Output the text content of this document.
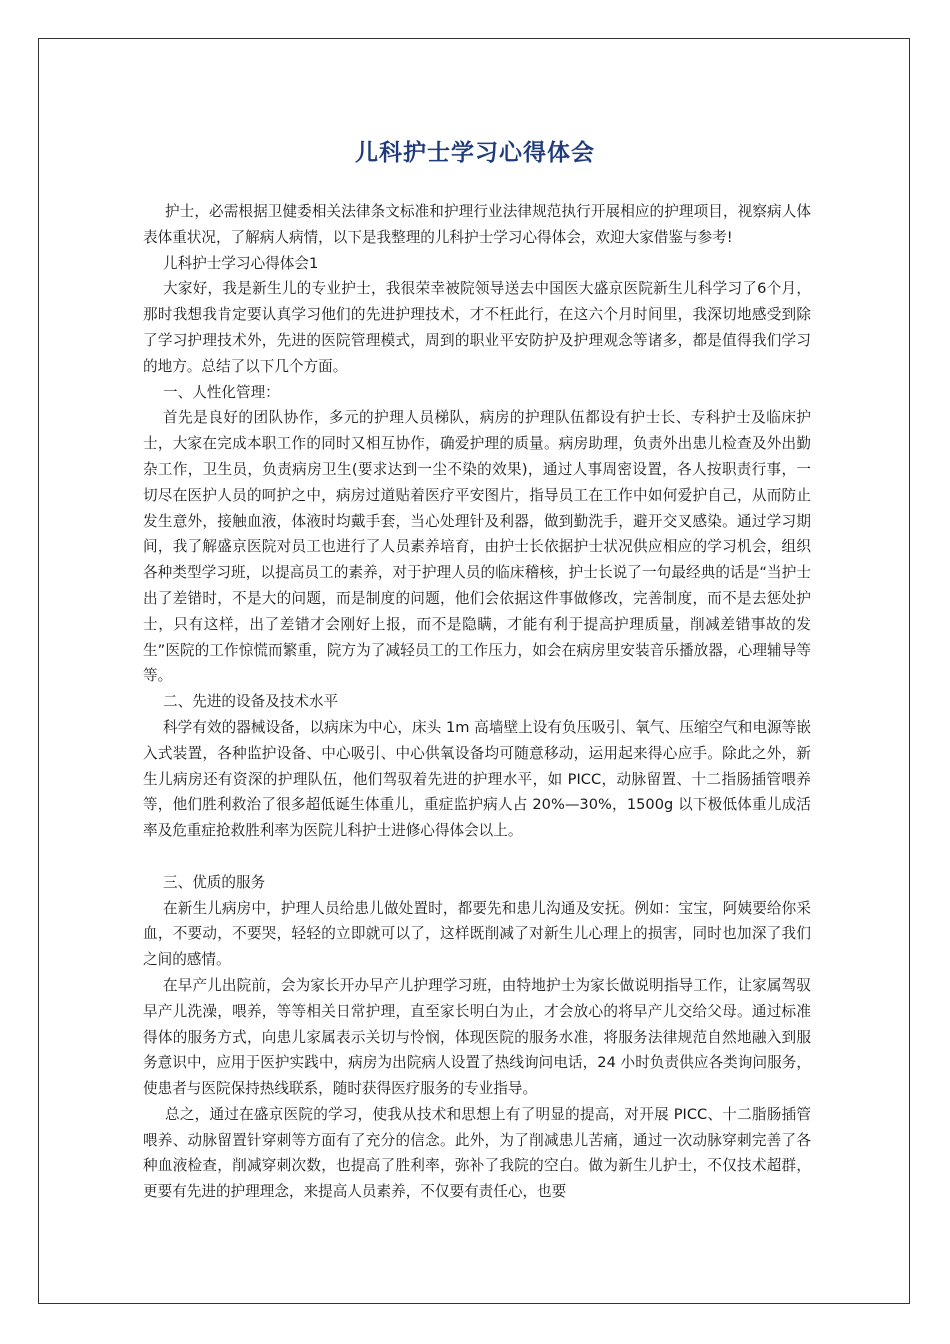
儿科护士学习心得体会

护士，必需根据卫健委相关法律条文标准和护理行业法律规范执行开展相应的护理项目，视察病人体表体重状况，了解病人病情，以下是我整理的儿科护士学习心得体会，欢迎大家借鉴与参考!

儿科护士学习心得体会1

大家好，我是新生儿的专业护士，我很荣幸被院领导送去中国医大盛京医院新生儿科学习了6个月，那时我想我肯定要认真学习他们的先进护理技术，才不枉此行，在这六个月时间里，我深切地感受到除了学习护理技术外，先进的医院管理模式，周到的职业平安防护及护理观念等诸多，都是值得我们学习的地方。总结了以下几个方面。

一、人性化管理：

首先是良好的团队协作，多元的护理人员梯队，病房的护理队伍都设有护士长、专科护士及临床护士，大家在完成本职工作的同时又相互协作，确爱护理的质量。病房助理，负责外出患儿检查及外出勤杂工作，卫生员，负责病房卫生(要求达到一尘不染的效果)，通过人事周密设置，各人按职责行事，一切尽在医护人员的呵护之中，病房过道贴着医疗平安图片，指导员工在工作中如何爱护自己，从而防止发生意外，接触血液，体液时均戴手套，当心处理针及利器，做到勤洗手，避开交叉感染。通过学习期间，我了解盛京医院对员工也进行了人员素养培育，由护士长依据护士状况供应相应的学习机会，组织各种类型学习班，以提高员工的素养，对于护理人员的临床稽核，护士长说了一句最经典的话是“当护士出了差错时，不是大的问题，而是制度的问题，他们会依据这件事做修改，完善制度，而不是去惩处护士，只有这样，出了差错才会刚好上报，而不是隐瞒，才能有利于提高护理质量，削减差错事故的发生”医院的工作惊慌而繁重，院方为了减轻员工的工作压力，如会在病房里安装音乐播放器，心理辅导等等。

二、先进的设备及技术水平

科学有效的器械设备，以病床为中心，床头 1m 高墙壁上设有负压吸引、氧气、压缩空气和电源等嵌入式装置，各种监护设备、中心吸引、中心供氧设备均可随意移动，运用起来得心应手。除此之外，新生儿病房还有资深的护理队伍，他们驾驭着先进的护理水平，如 PICC，动脉留置、十二指肠插管喂养等，他们胜利救治了很多超低诞生体重儿，重症监护病人占 20%—30%，1500g 以下极低体重儿成活率及危重症抢救胜利率为医院儿科护士进修心得体会以上。

三、优质的服务

在新生儿病房中，护理人员给患儿做处置时，都要先和患儿沟通及安抚。例如：宝宝，阿姨要给你采血，不要动，不要哭，轻轻的立即就可以了，这样既削减了对新生儿心理上的损害，同时也加深了我们之间的感情。

在早产儿出院前，会为家长开办早产儿护理学习班，由特地护士为家长做说明指导工作，让家属驾驭早产儿洗澡，喂养，等等相关日常护理，直至家长明白为止，才会放心的将早产儿交给父母。通过标准得体的服务方式，向患儿家属表示关切与怜悯，体现医院的服务水准，将服务法律规范自然地融入到服务意识中，应用于医护实践中，病房为出院病人设置了热线询问电话，24 小时负责供应各类询问服务，使患者与医院保持热线联系，随时获得医疗服务的专业指导。

总之，通过在盛京医院的学习，使我从技术和思想上有了明显的提高，对开展 PICC、十二脂肠插管喂养、动脉留置针穿刺等方面有了充分的信念。此外，为了削减患儿苦痛，通过一次动脉穿刺完善了各种血液检查，削减穿刺次数，也提高了胜利率，弥补了我院的空白。做为新生儿护士，不仅技术超群，更要有先进的护理理念，来提高人员素养，不仅要有责任心，也要
